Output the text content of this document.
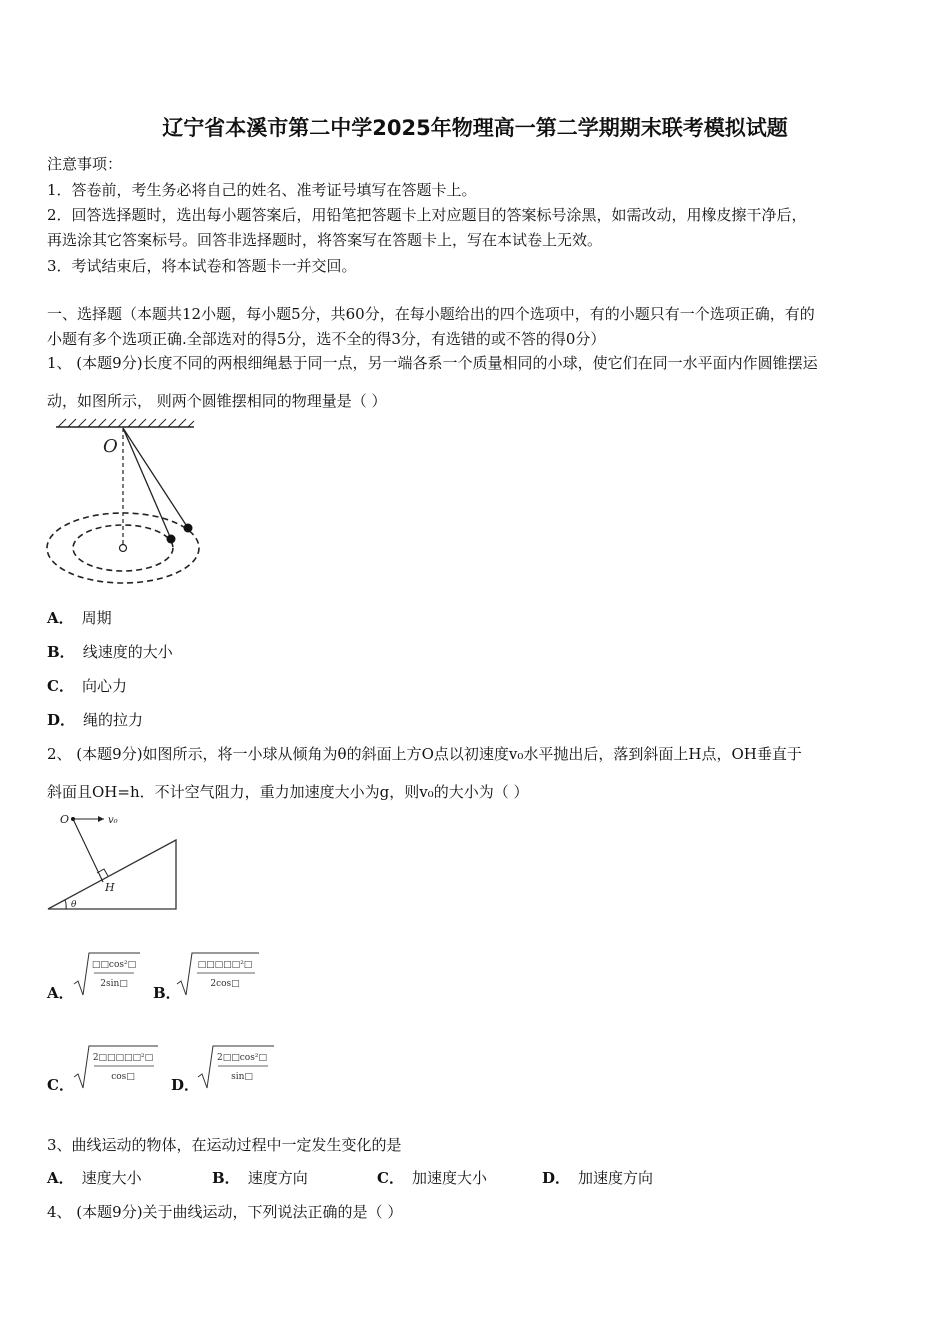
辽宁省本溪市第二中学2025年物理高一第二学期期末联考模拟试题
注意事项：
1．答卷前，考生务必将自己的姓名、准考证号填写在答题卡上。
2．回答选择题时，选出每小题答案后，用铅笔把答题卡上对应题目的答案标号涂黑，如需改动，用橡皮擦干净后，
再选涂其它答案标号。回答非选择题时，将答案写在答题卡上，写在本试卷上无效。
3．考试结束后，将本试卷和答题卡一并交回。
一、选择题（本题共12小题，每小题5分，共60分，在每小题给出的四个选项中，有的小题只有一个选项正确，有的
小题有多个选项正确.全部选对的得5分，选不全的得3分，有选错的或不答的得0分）
1、 (本题9分)长度不同的两根细绳悬于同一点，另一端各系一个质量相同的小球，使它们在同一水平面内作圆锥摆运
动，如图所示， 则两个圆锥摆相同的物理量是（ ）
O
A． 周期
B． 线速度的大小
C． 向心力
D． 绳的拉力
2、 (本题9分)如图所示，将一小球从倾角为θ的斜面上方O点以初速度v₀水平抛出后，落到斜面上H点，OH垂直于
斜面且OH=h．不计空气阻力，重力加速度大小为g，则v₀的大小为（ ）
O	v₀
H
θ
A．
□□cos²□
2sin□ B．
□□□□□²□
2cos□
C．
2□□□□□²□
cos□ D．
2□□cos²□
sin□
3、曲线运动的物体，在运动过程中一定发生变化的是
A． 速度大小	B． 速度方向	C． 加速度大小	D． 加速度方向
4、 (本题9分)关于曲线运动，下列说法正确的是（ ）
